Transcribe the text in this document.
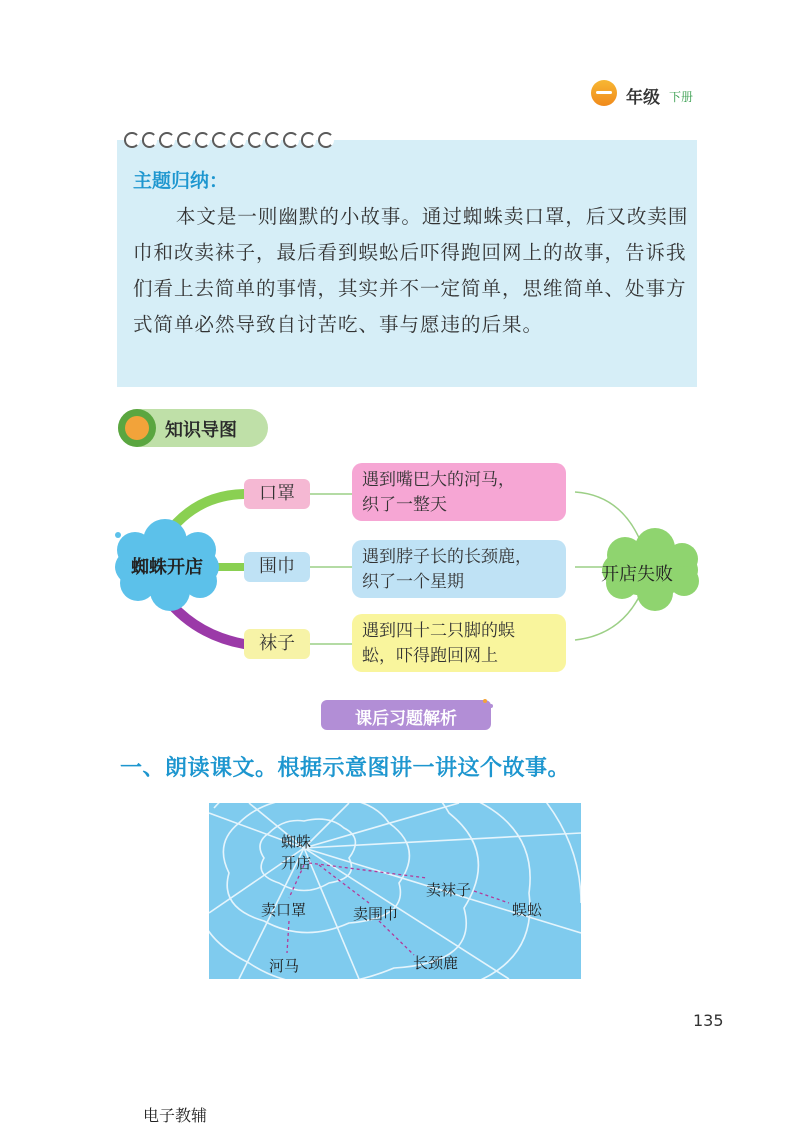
年级 下册
主题归纳：
本文是一则幽默的小故事。通过蜘蛛卖口罩，后又改卖围巾和改卖袜子，最后看到蜈蚣后吓得跑回网上的故事，告诉我们看上去简单的事情，其实并不一定简单，思维简单、处事方式简单必然导致自讨苦吃、事与愿违的后果。
知识导图
蜘蛛开店
口罩
围巾
袜子
遇到嘴巴大的河马，
织了一整天
遇到脖子长的长颈鹿，
织了一个星期
遇到四十二只脚的蜈
蚣，吓得跑回网上
开店失败
课后习题解析
一、朗读课文。根据示意图讲一讲这个故事。
蜘蛛
开店
卖袜子
蜈蚣
卖口罩	卖围巾
河马	长颈鹿
135
电子教辅
